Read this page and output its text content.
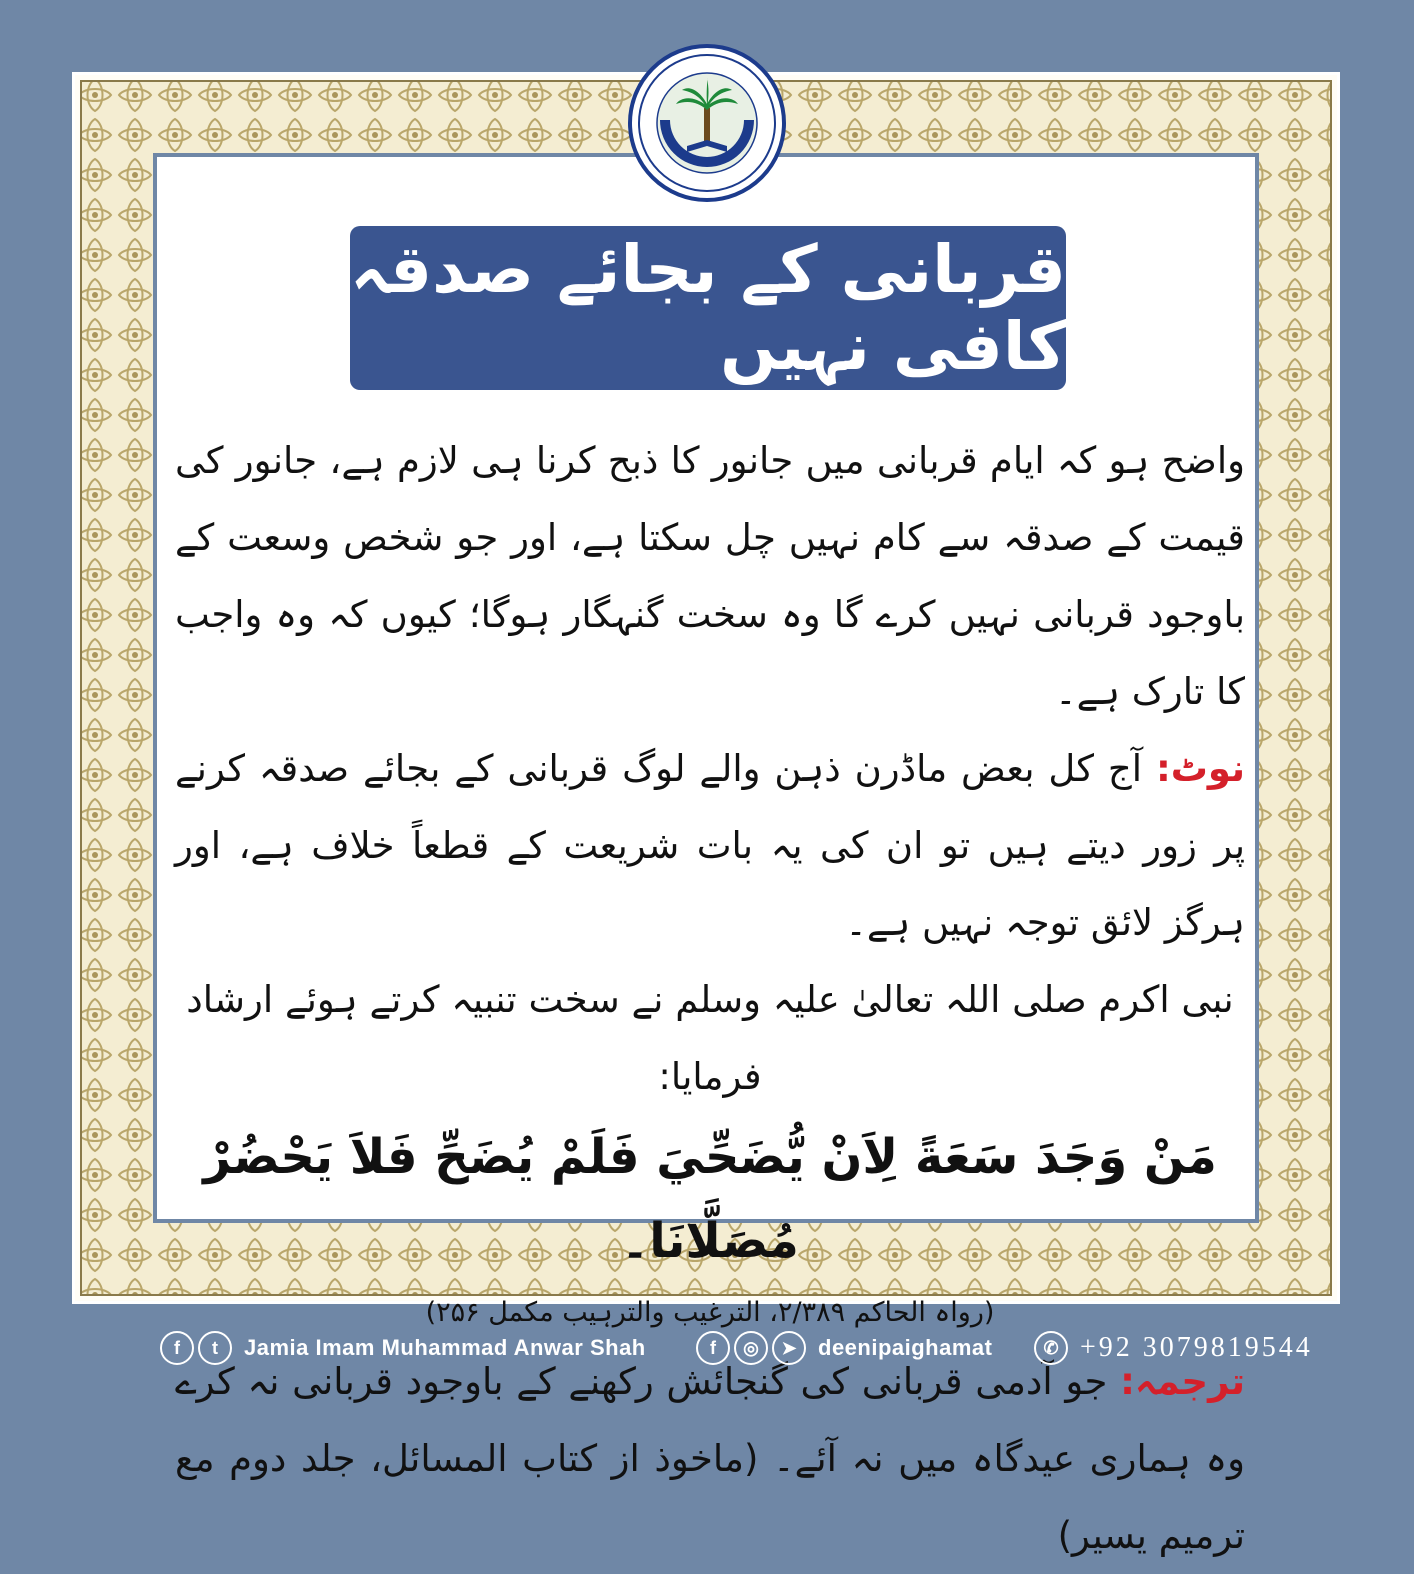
قربانی کے بجائے صدقہ کافی نہیں

واضح ہو کہ ایام قربانی میں جانور کا ذبح کرنا ہی لازم ہے، جانور کی قیمت کے صدقہ سے کام نہیں چل سکتا ہے، اور جو شخص وسعت کے باوجود قربانی نہیں کرے گا وہ سخت گنہگار ہوگا؛ کیوں کہ وہ واجب کا تارک ہے۔

نوٹ: آج کل بعض ماڈرن ذہن والے لوگ قربانی کے بجائے صدقہ کرنے پر زور دیتے ہیں تو ان کی یہ بات شریعت کے قطعاً خلاف ہے، اور ہرگز لائق توجہ نہیں ہے۔

نبی اکرم صلی اللہ تعالیٰ علیہ وسلم نے سخت تنبیہ کرتے ہوئے ارشاد فرمایا:

مَنْ وَجَدَ سَعَةً لِاَنْ يُّضَحِّيَ فَلَمْ يُضَحِّ فَلاَ يَحْضُرْ مُصَلَّانَا۔

(رواہ الحاکم ۲/۳۸۹، الترغیب والترہیب مکمل ۲۵۶)

ترجمہ: جو آدمی قربانی کی گنجائش رکھنے کے باوجود قربانی نہ کرے وہ ہماری عیدگاہ میں نہ آئے۔ (ماخوذ از کتاب المسائل، جلد دوم مع ترمیم یسیر)

f	t	Jamia Imam Muhammad Anwar Shah	f	◎	➤ deenipaighamat	✆ +92 3079819544
